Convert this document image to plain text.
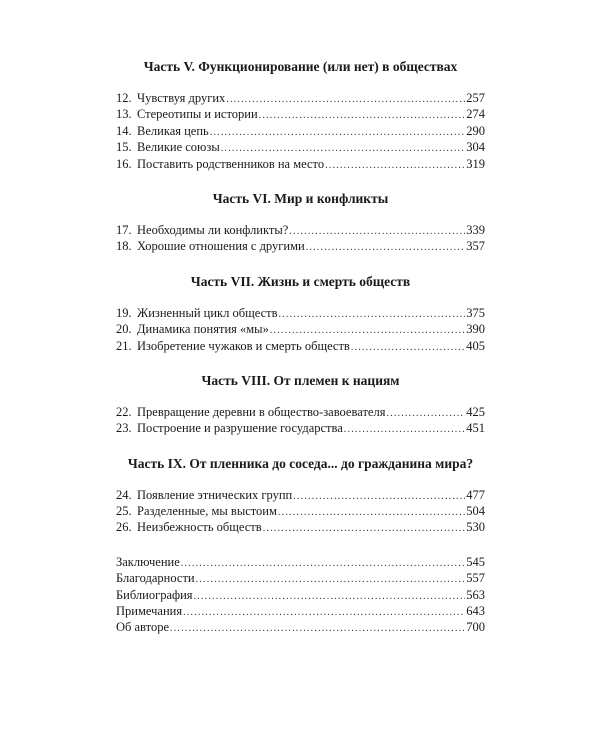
Часть V. Функционирование (или нет) в обществах
12. Чувствуя других .....	257
13. Стереотипы и истории .....	274
14. Великая цепь .....	290
15. Великие союзы .....	304
16. Поставить родственников на место .....	319
Часть VI. Мир и конфликты
17. Необходимы ли конфликты? .....	339
18. Хорошие отношения с другими .....	357
Часть VII. Жизнь и смерть обществ
19. Жизненный цикл обществ .....	375
20. Динамика понятия «мы» .....	390
21. Изобретение чужаков и смерть обществ .....	405
Часть VIII. От племен к нациям
22. Превращение деревни в общество-завоевателя .....	425
23. Построение и разрушение государства .....	451
Часть IX. От пленника до соседа... до гражданина мира?
24. Появление этнических групп .....	477
25. Разделенные, мы выстоим .....	504
26. Неизбежность обществ .....	530
Заключение .....	545
Благодарности .....	557
Библиография .....	563
Примечания .....	643
Об авторе .....	700
